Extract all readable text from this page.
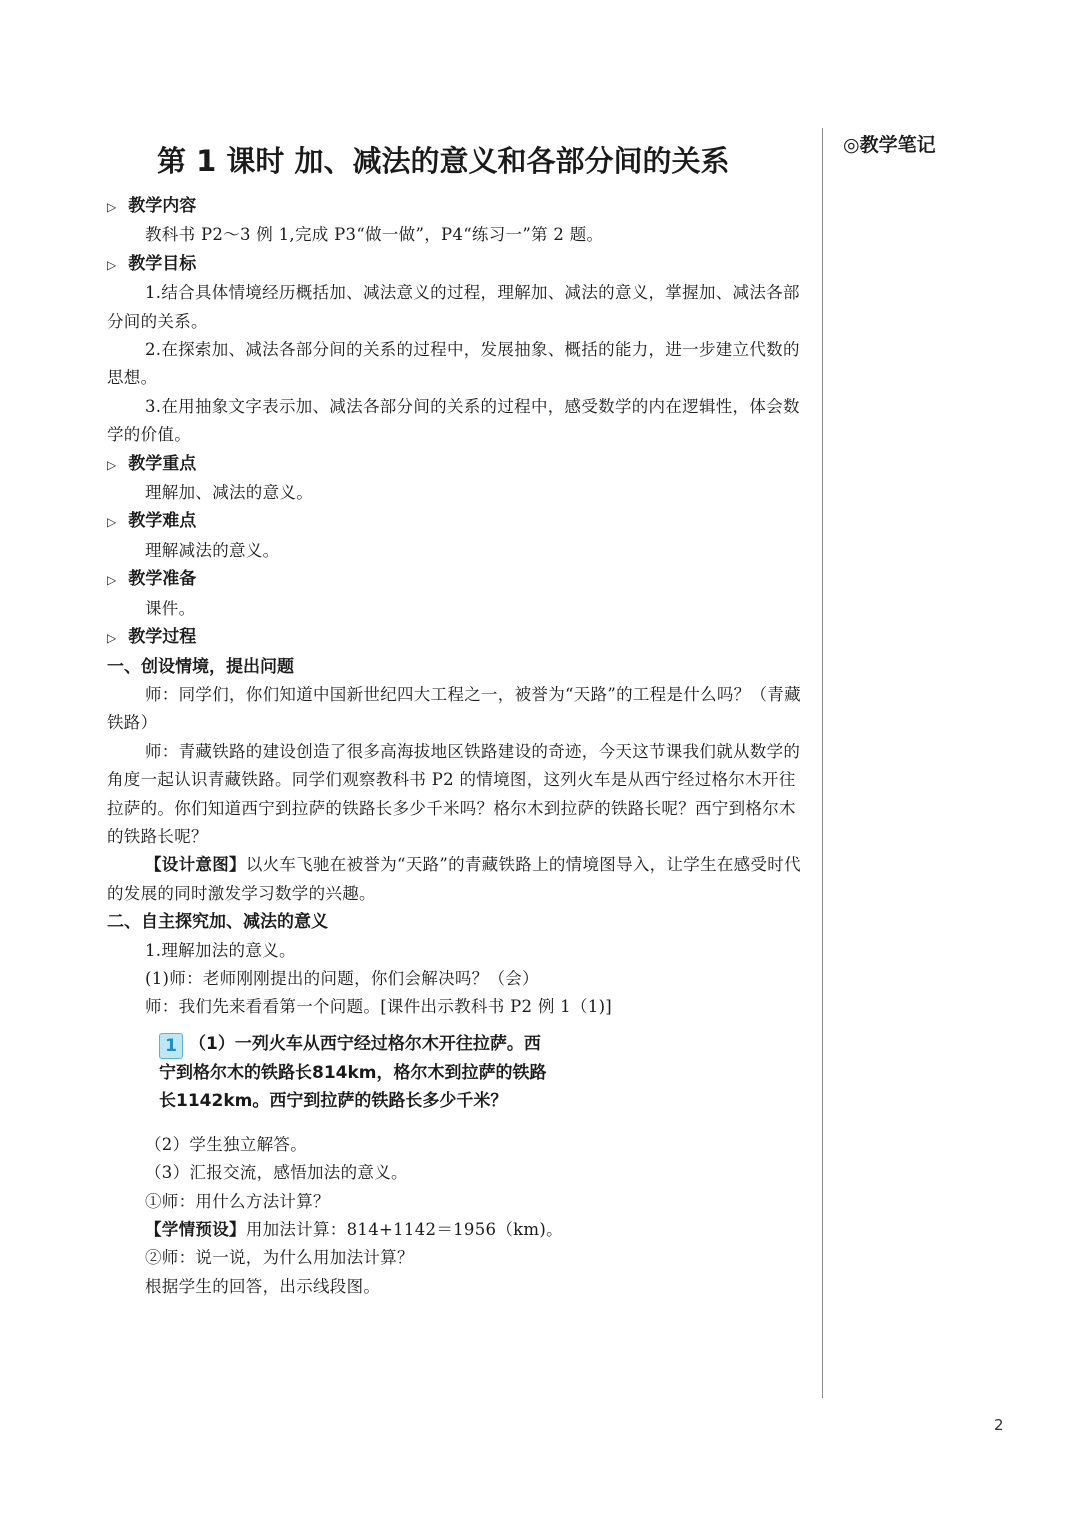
◎教学笔记
2
第 1 课时 加、减法的意义和各部分间的关系
▷ 教学内容

教科书 P2～3 例 1,完成 P3“做一做”，P4“练习一”第 2 题。

▷ 教学目标

1.结合具体情境经历概括加、减法意义的过程，理解加、减法的意义，掌握加、减法各部分间的关系。

2.在探索加、减法各部分间的关系的过程中，发展抽象、概括的能力，进一步建立代数的思想。

3.在用抽象文字表示加、减法各部分间的关系的过程中，感受数学的内在逻辑性，体会数学的价值。

▷ 教学重点

理解加、减法的意义。

▷ 教学难点

理解减法的意义。

▷ 教学准备

课件。

▷ 教学过程
一、创设情境，提出问题

师：同学们，你们知道中国新世纪四大工程之一，被誉为“天路”的工程是什么吗？（青藏铁路）

师：青藏铁路的建设创造了很多高海拔地区铁路建设的奇迹，今天这节课我们就从数学的角度一起认识青藏铁路。同学们观察教科书 P2 的情境图，这列火车是从西宁经过格尔木开往拉萨的。你们知道西宁到拉萨的铁路长多少千米吗？格尔木到拉萨的铁路长呢？西宁到格尔木的铁路长呢？

【设计意图】以火车飞驰在被誉为“天路”的青藏铁路上的情境图导入，让学生在感受时代的发展的同时激发学习数学的兴趣。

二、自主探究加、减法的意义

1.理解加法的意义。

(1)师：老师刚刚提出的问题，你们会解决吗？（会）

师：我们先来看看第一个问题。[课件出示教科书 P2 例 1（1)]

1 （1）一列火车从西宁经过格尔木开往拉萨。西
宁到格尔木的铁路长814km，格尔木到拉萨的铁路
长1142km。西宁到拉萨的铁路长多少千米？

（2）学生独立解答。

（3）汇报交流，感悟加法的意义。

①师：用什么方法计算？

【学情预设】用加法计算：814+1142＝1956（km)。

②师：说一说，为什么用加法计算？

根据学生的回答，出示线段图。
